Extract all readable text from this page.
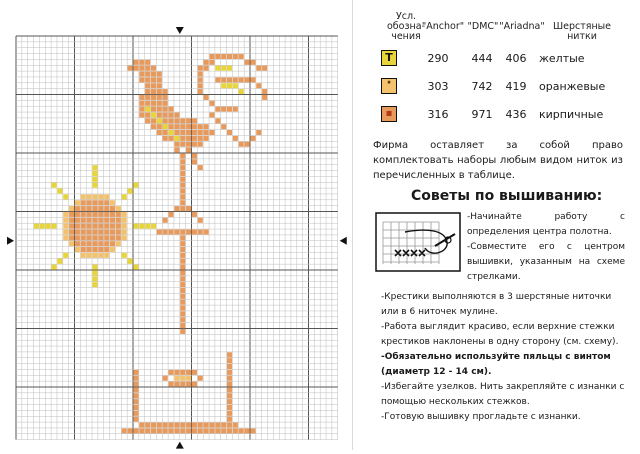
Усл. обозна-чения
"Anchor" "DMC" "Ariadna" Шерстяные нитки
T	290	444	406	желтые
·	303	742	419	оранжевые
▪	316	971	436	кирпичные
Фирма оставляет за собой право комплектовать наборы любым видом ниток из перечисленных в таблице.
Советы по вышиванию:
-Начинайте работу с определения центра полотна.
-Совместите его с центром вышивки, указанным на схеме стрелками.
-Крестики выполняются в 3 шерстяные ниточки или в 6 ниточек мулине.
-Работа выглядит красиво, если верхние стежки крестиков наклонены в одну сторону (см. схему).
-Обязательно используйте пяльцы с винтом (диаметр 12 - 14 см).
-Избегайте узелков. Нить закрепляйте с изнанки с помощью нескольких стежков.
-Готовую вышивку прогладьте с изнанки.
